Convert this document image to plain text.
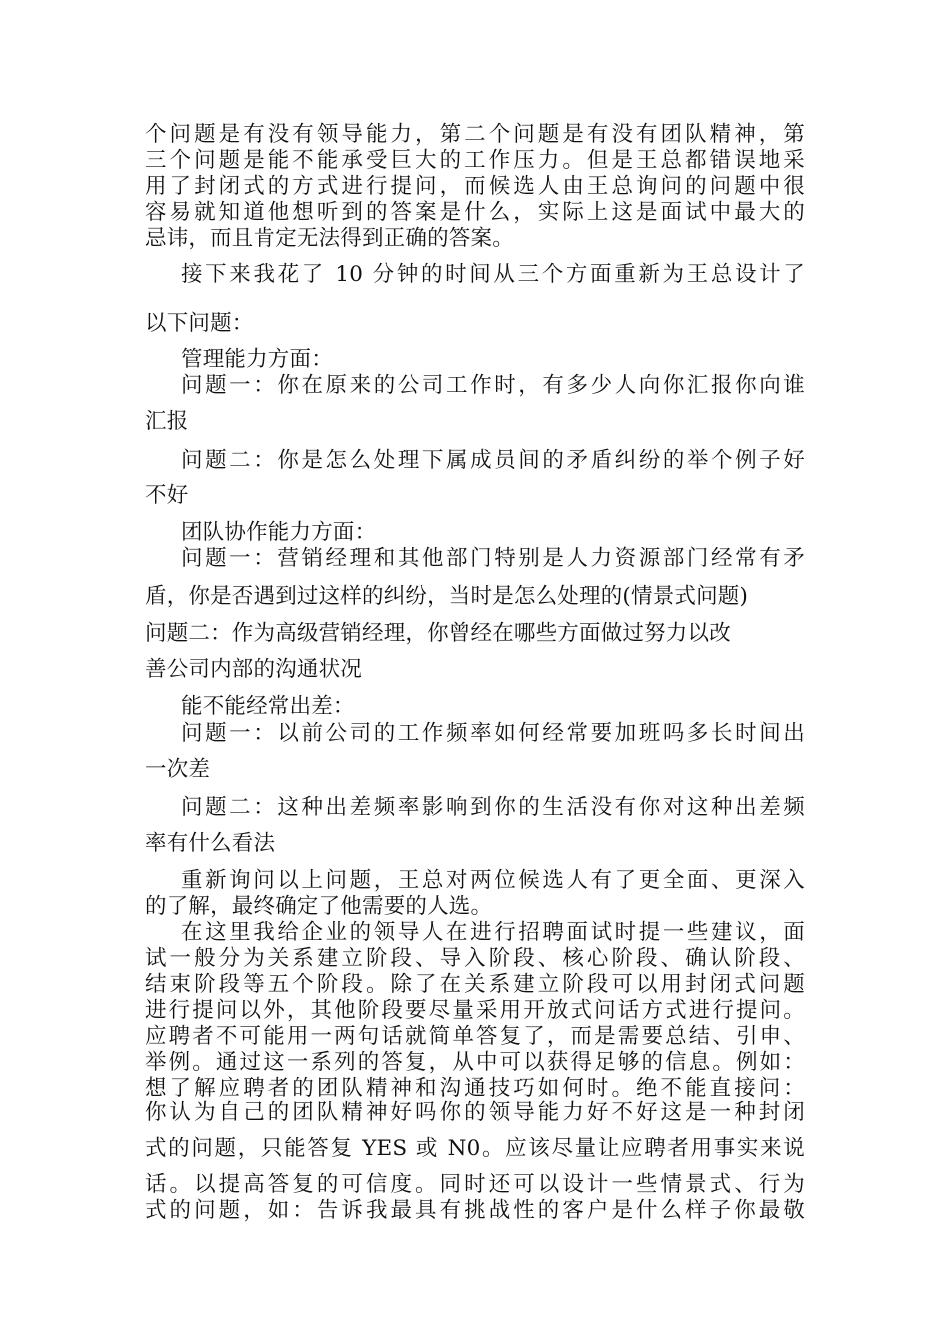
个问题是有没有领导能力，第二个问题是有没有团队精神，第
三个问题是能不能承受巨大的工作压力。但是王总都错误地采
用了封闭式的方式进行提问，而候选人由王总询问的问题中很
容易就知道他想听到的答案是什么，实际上这是面试中最大的
忌讳，而且肯定无法得到正确的答案。
接下来我花了 10 分钟的时间从三个方面重新为王总设计了
以下问题：
管理能力方面：
问题一：你在原来的公司工作时，有多少人向你汇报你向谁
汇报
问题二：你是怎么处理下属成员间的矛盾纠纷的举个例子好
不好
团队协作能力方面：
问题一：营销经理和其他部门特别是人力资源部门经常有矛
盾，你是否遇到过这样的纠纷，当时是怎么处理的(情景式问题)
问题二：作为高级营销经理，你曾经在哪些方面做过努力以改
善公司内部的沟通状况
能不能经常出差：
问题一：以前公司的工作频率如何经常要加班吗多长时间出
一次差
问题二：这种出差频率影响到你的生活没有你对这种出差频
率有什么看法
重新询问以上问题，王总对两位候选人有了更全面、更深入
的了解，最终确定了他需要的人选。
在这里我给企业的领导人在进行招聘面试时提一些建议，面
试一般分为关系建立阶段、导入阶段、核心阶段、确认阶段、
结束阶段等五个阶段。除了在关系建立阶段可以用封闭式问题
进行提问以外，其他阶段要尽量采用开放式问话方式进行提问。
应聘者不可能用一两句话就简单答复了，而是需要总结、引申、
举例。通过这一系列的答复，从中可以获得足够的信息。例如：
想了解应聘者的团队精神和沟通技巧如何时。绝不能直接问：
你认为自己的团队精神好吗你的领导能力好不好这是一种封闭
式的问题，只能答复 YES 或 N0。应该尽量让应聘者用事实来说
话。以提高答复的可信度。同时还可以设计一些情景式、行为
式的问题，如：告诉我最具有挑战性的客户是什么样子你最敬
